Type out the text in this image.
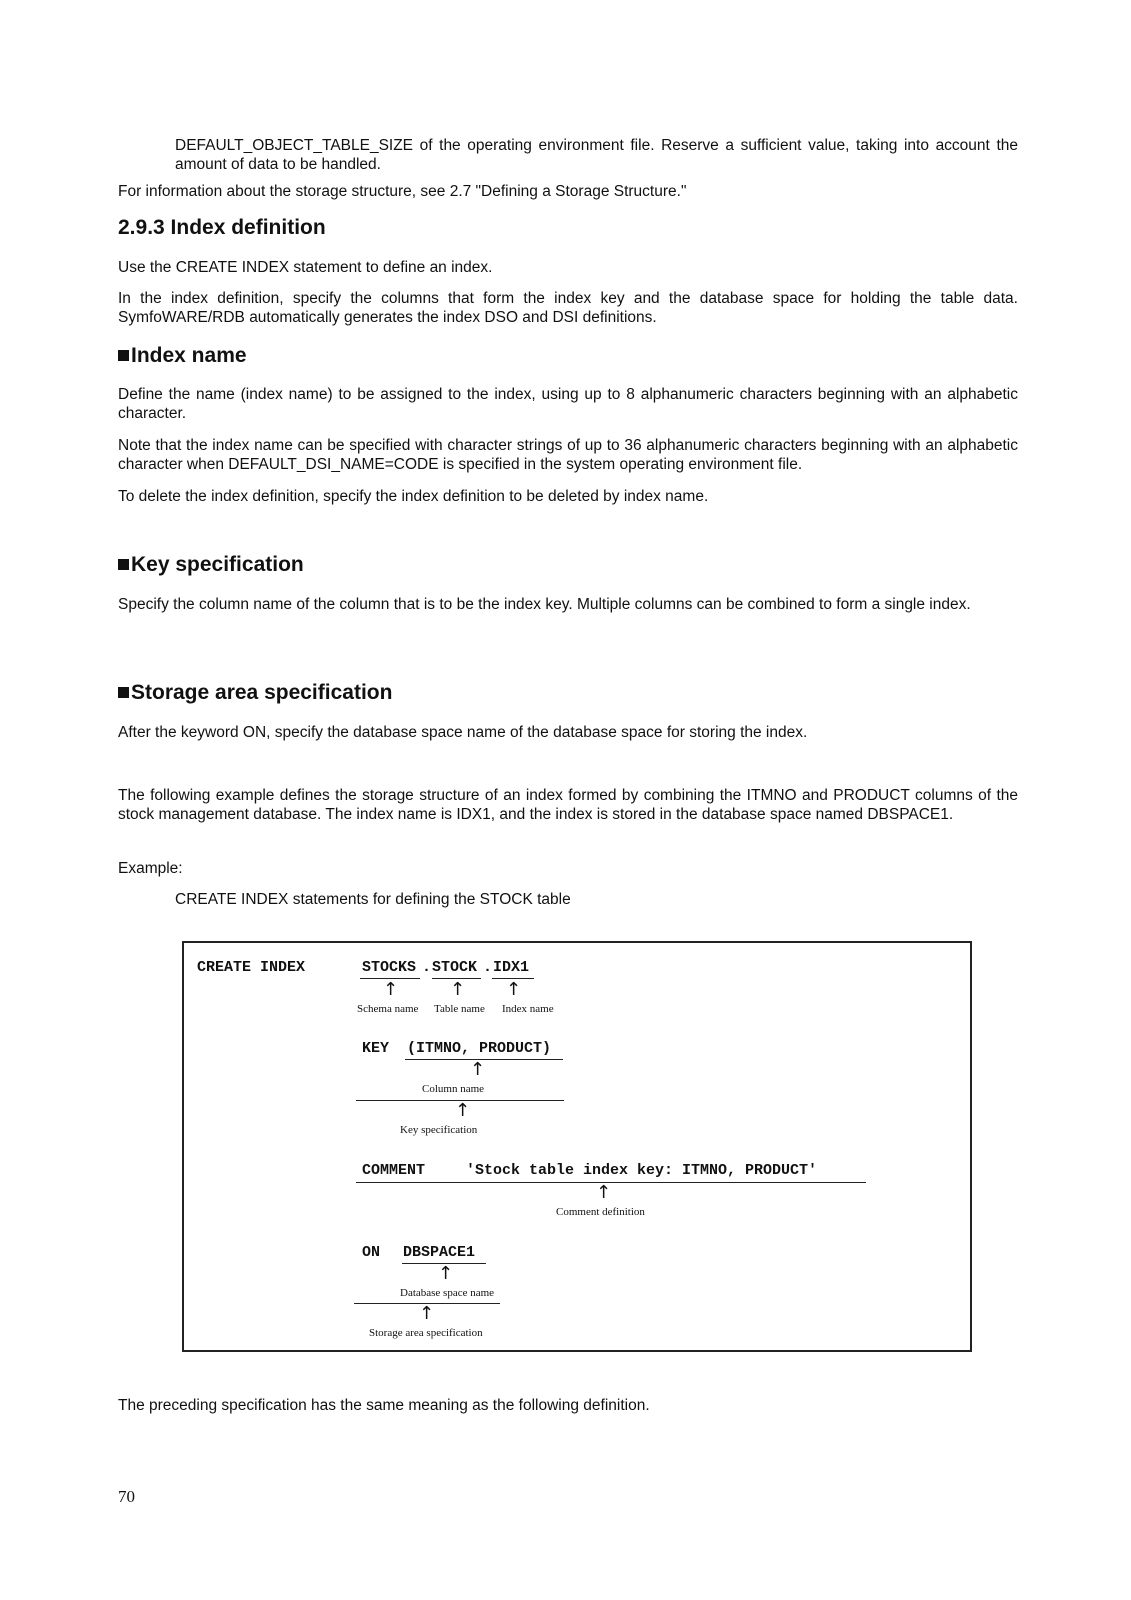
DEFAULT_OBJECT_TABLE_SIZE of the operating environment file. Reserve a sufficient value, taking into account the amount of data to be handled.

For information about the storage structure, see 2.7 "Defining a Storage Structure."

2.9.3 Index definition

Use the CREATE INDEX statement to define an index.

In the index definition, specify the columns that form the index key and the database space for holding the table data. SymfoWARE/RDB automatically generates the index DSO and DSI definitions.

Index name

Define the name (index name) to be assigned to the index, using up to 8 alphanumeric characters beginning with an alphabetic character.

Note that the index name can be specified with character strings of up to 36 alphanumeric characters beginning with an alphabetic character when DEFAULT_DSI_NAME=CODE is specified in the system operating environment file.

To delete the index definition, specify the index definition to be deleted by index name.

Key specification

Specify the column name of the column that is to be the index key. Multiple columns can be combined to form a single index.

Storage area specification

After the keyword ON, specify the database space name of the database space for storing the index.

The following example defines the storage structure of an index formed by combining the ITMNO and PRODUCT columns of the stock management database. The index name is IDX1, and the index is stored in the database space named DBSPACE1.

Example:

CREATE INDEX statements for defining the STOCK table

CREATE INDEX	STOCKS . STOCK . IDX1
↑	↑ ↑
Schema name Table name Index name
KEY  (ITMNO, PRODUCT)
↑
Column name
↑
Key specification
COMMENT	'Stock table index key: ITMNO, PRODUCT'
↑
Comment definition
ON DBSPACE1
↑
Database space name
↑
Storage area specification

The preceding specification has the same meaning as the following definition.

70
